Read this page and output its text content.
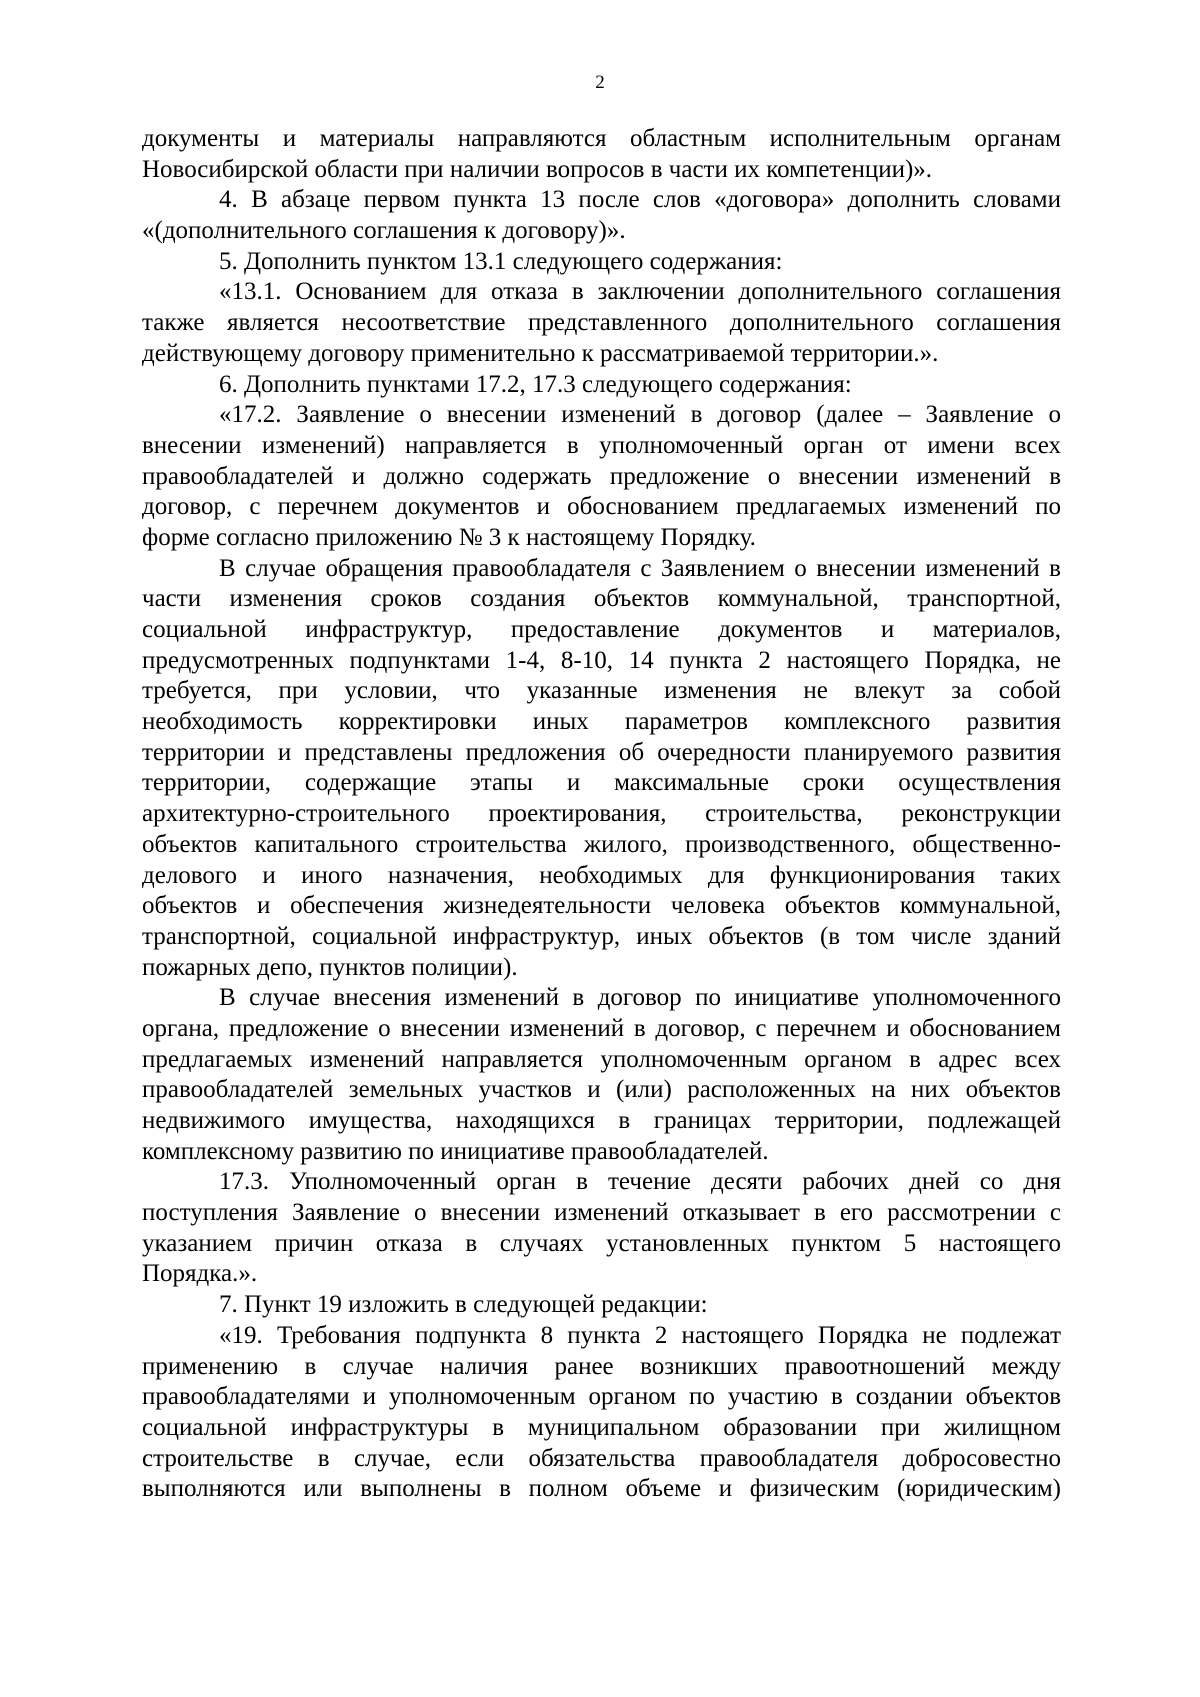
2
документы и материалы направляются областным исполнительным органам
Новосибирской области при наличии вопросов в части их компетенции)».
4. В абзаце первом пункта 13 после слов «договора» дополнить словами
«(дополнительного соглашения к договору)».
5. Дополнить пунктом 13.1 следующего содержания:
«13.1. Основанием для отказа в заключении дополнительного соглашения
также является несоответствие представленного дополнительного соглашения
действующему договору применительно к рассматриваемой территории.».
6. Дополнить пунктами 17.2, 17.3 следующего содержания:
«17.2. Заявление о внесении изменений в договор (далее – Заявление о
внесении изменений) направляется в уполномоченный орган от имени всех
правообладателей и должно содержать предложение о внесении изменений в
договор, с перечнем документов и обоснованием предлагаемых изменений по
форме согласно приложению № 3 к настоящему Порядку.
В случае обращения правообладателя с Заявлением о внесении изменений в
части изменения сроков создания объектов коммунальной, транспортной,
социальной инфраструктур, предоставление документов и материалов,
предусмотренных подпунктами 1-4, 8-10, 14 пункта 2 настоящего Порядка, не
требуется, при условии, что указанные изменения не влекут за собой
необходимость корректировки иных параметров комплексного развития
территории и представлены предложения об очередности планируемого развития
территории, содержащие этапы и максимальные сроки осуществления
архитектурно-строительного проектирования, строительства, реконструкции
объектов капитального строительства жилого, производственного, общественно-
делового и иного назначения, необходимых для функционирования таких
объектов и обеспечения жизнедеятельности человека объектов коммунальной,
транспортной, социальной инфраструктур, иных объектов (в том числе зданий
пожарных депо, пунктов полиции).
В случае внесения изменений в договор по инициативе уполномоченного
органа, предложение о внесении изменений в договор, с перечнем и обоснованием
предлагаемых изменений направляется уполномоченным органом в адрес всех
правообладателей земельных участков и (или) расположенных на них объектов
недвижимого имущества, находящихся в границах территории, подлежащей
комплексному развитию по инициативе правообладателей.
17.3. Уполномоченный орган в течение десяти рабочих дней со дня
поступления Заявление о внесении изменений отказывает в его рассмотрении с
указанием причин отказа в случаях установленных пунктом 5 настоящего
Порядка.».
7. Пункт 19 изложить в следующей редакции:
«19. Требования подпункта 8 пункта 2 настоящего Порядка не подлежат
применению в случае наличия ранее возникших правоотношений между
правообладателями и уполномоченным органом по участию в создании объектов
социальной инфраструктуры в муниципальном образовании при жилищном
строительстве в случае, если обязательства правообладателя добросовестно
выполняются или выполнены в полном объеме и физическим (юридическим)
